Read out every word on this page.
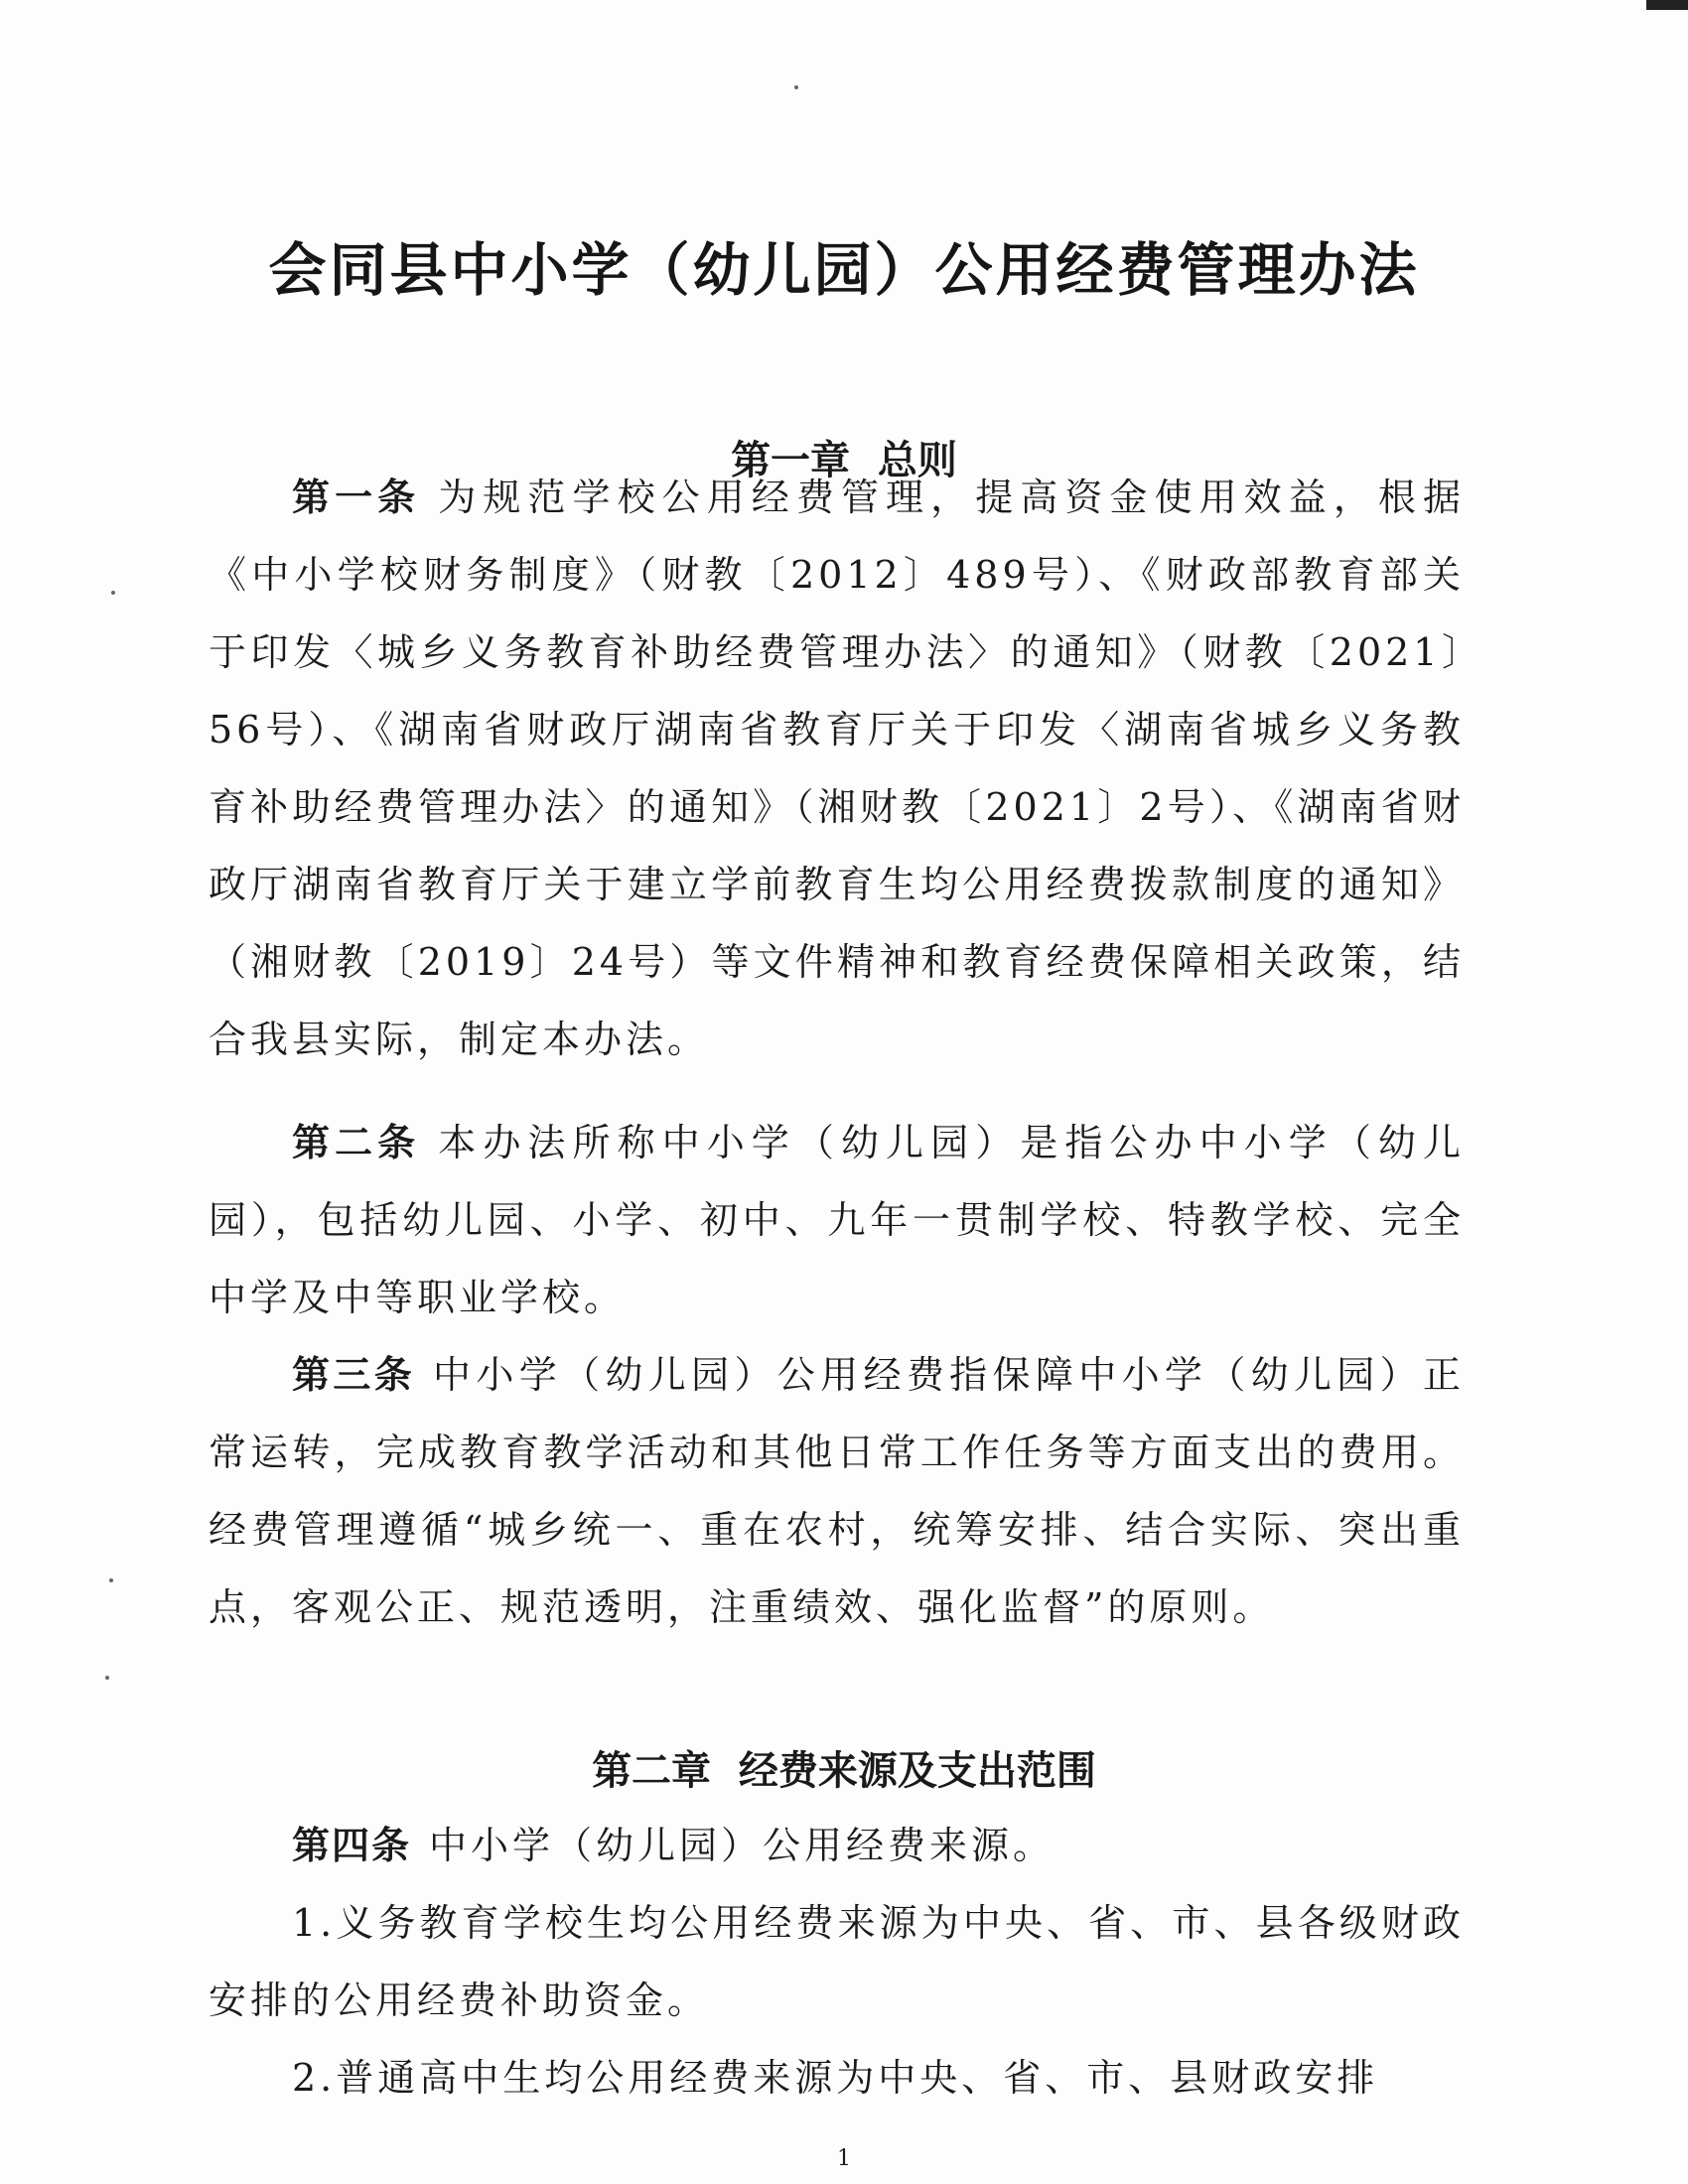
会同县中小学（幼儿园）公用经费管理办法
第一章  总则

第一条 为规范学校公用经费管理，提高资金使用效益，根据《中小学校财务制度》（财教〔2012〕489号）、《财政部教育部关于印发〈城乡义务教育补助经费管理办法〉的通知》（财教〔2021〕56号）、《湖南省财政厅湖南省教育厅关于印发〈湖南省城乡义务教育补助经费管理办法〉的通知》（湘财教〔2021〕2号）、《湖南省财政厅湖南省教育厅关于建立学前教育生均公用经费拨款制度的通知》（湘财教〔2019〕24号）等文件精神和教育经费保障相关政策，结合我县实际，制定本办法。

第二条 本办法所称中小学（幼儿园）是指公办中小学（幼儿园），包括幼儿园、小学、初中、九年一贯制学校、特教学校、完全中学及中等职业学校。

第三条 中小学（幼儿园）公用经费指保障中小学（幼儿园）正常运转，完成教育教学活动和其他日常工作任务等方面支出的费用。经费管理遵循“城乡统一、重在农村，统筹安排、结合实际、突出重点，客观公正、规范透明，注重绩效、强化监督”的原则。

第二章  经费来源及支出范围

第四条 中小学（幼儿园）公用经费来源。

1.义务教育学校生均公用经费来源为中央、省、市、县各级财政安排的公用经费补助资金。

2.普通高中生均公用经费来源为中央、省、市、县财政安排

1
